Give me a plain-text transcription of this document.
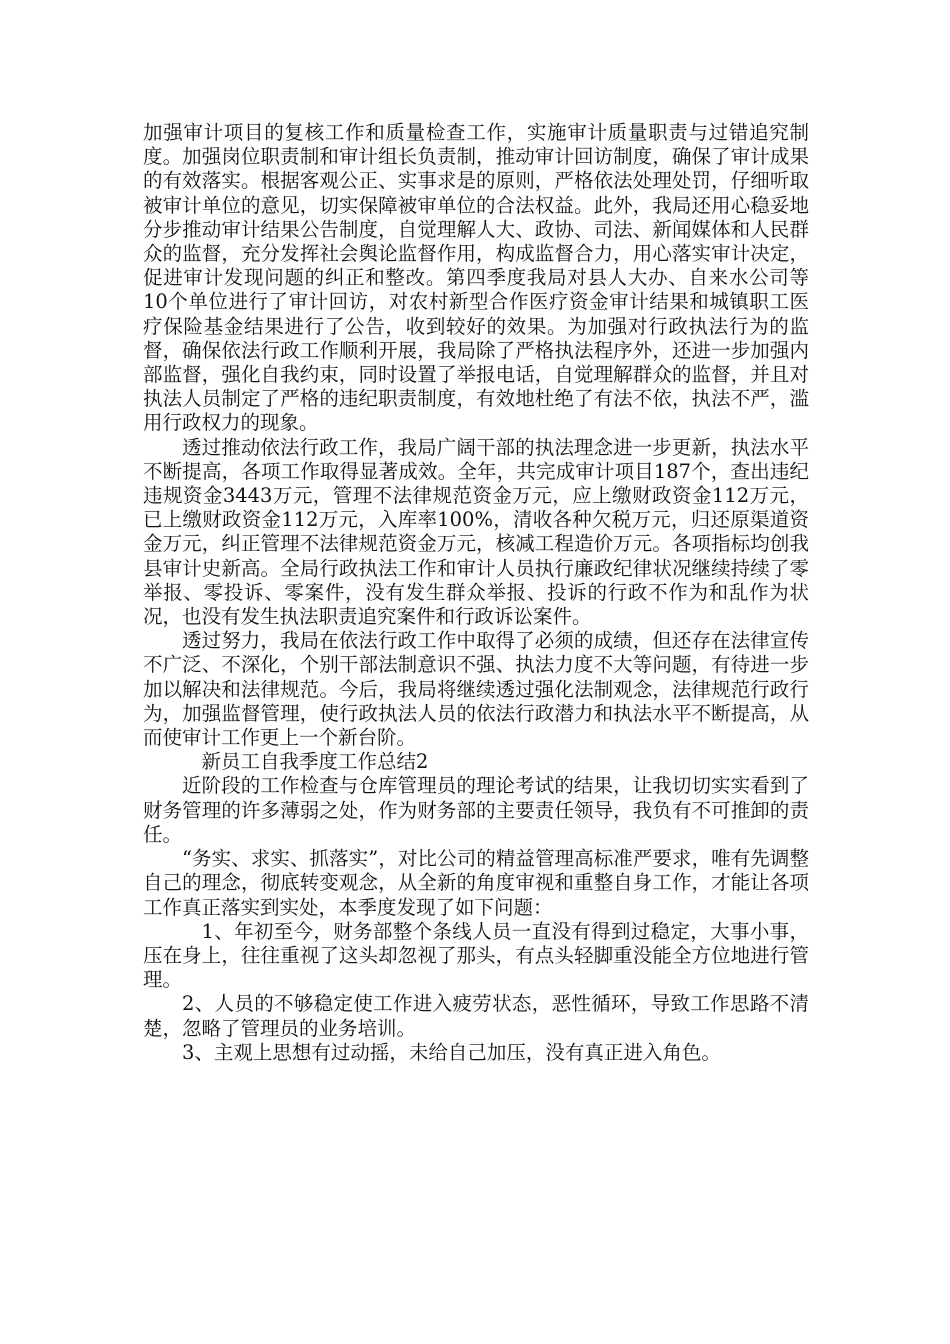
加强审计项目的复核工作和质量检查工作，实施审计质量职责与过错追究制度。加强岗位职责制和审计组长负责制，推动审计回访制度，确保了审计成果的有效落实。根据客观公正、实事求是的原则，严格依法处理处罚，仔细听取被审计单位的意见，切实保障被审单位的合法权益。此外，我局还用心稳妥地分步推动审计结果公告制度，自觉理解人大、政协、司法、新闻媒体和人民群众的监督，充分发挥社会舆论监督作用，构成监督合力，用心落实审计决定，促进审计发现问题的纠正和整改。第四季度我局对县人大办、自来水公司等10个单位进行了审计回访，对农村新型合作医疗资金审计结果和城镇职工医疗保险基金结果进行了公告，收到较好的效果。为加强对行政执法行为的监督，确保依法行政工作顺利开展，我局除了严格执法程序外，还进一步加强内部监督，强化自我约束，同时设置了举报电话，自觉理解群众的监督，并且对执法人员制定了严格的违纪职责制度，有效地杜绝了有法不依，执法不严，滥用行政权力的现象。

透过推动依法行政工作，我局广阔干部的执法理念进一步更新，执法水平不断提高，各项工作取得显著成效。全年，共完成审计项目187个，查出违纪违规资金3443万元，管理不法律规范资金万元，应上缴财政资金112万元，已上缴财政资金112万元，入库率100%，清收各种欠税万元，归还原渠道资金万元，纠正管理不法律规范资金万元，核减工程造价万元。各项指标均创我县审计史新高。全局行政执法工作和审计人员执行廉政纪律状况继续持续了零举报、零投诉、零案件，没有发生群众举报、投诉的行政不作为和乱作为状况，也没有发生执法职责追究案件和行政诉讼案件。

透过努力，我局在依法行政工作中取得了必须的成绩，但还存在法律宣传不广泛、不深化，个别干部法制意识不强、执法力度不大等问题，有待进一步加以解决和法律规范。今后，我局将继续透过强化法制观念，法律规范行政行为，加强监督管理，使行政执法人员的依法行政潜力和执法水平不断提高，从而使审计工作更上一个新台阶。

新员工自我季度工作总结2

近阶段的工作检查与仓库管理员的理论考试的结果，让我切切实实看到了财务管理的许多薄弱之处，作为财务部的主要责任领导，我负有不可推卸的责任。

“务实、求实、抓落实”，对比公司的精益管理高标准严要求，唯有先调整自己的理念，彻底转变观念，从全新的角度审视和重整自身工作，才能让各项工作真正落实到实处，本季度发现了如下问题：

1、年初至今，财务部整个条线人员一直没有得到过稳定，大事小事，压在身上，往往重视了这头却忽视了那头，有点头轻脚重没能全方位地进行管理。

2、人员的不够稳定使工作进入疲劳状态，恶性循环，导致工作思路不清楚，忽略了管理员的业务培训。

3、主观上思想有过动摇，未给自己加压，没有真正进入角色。
